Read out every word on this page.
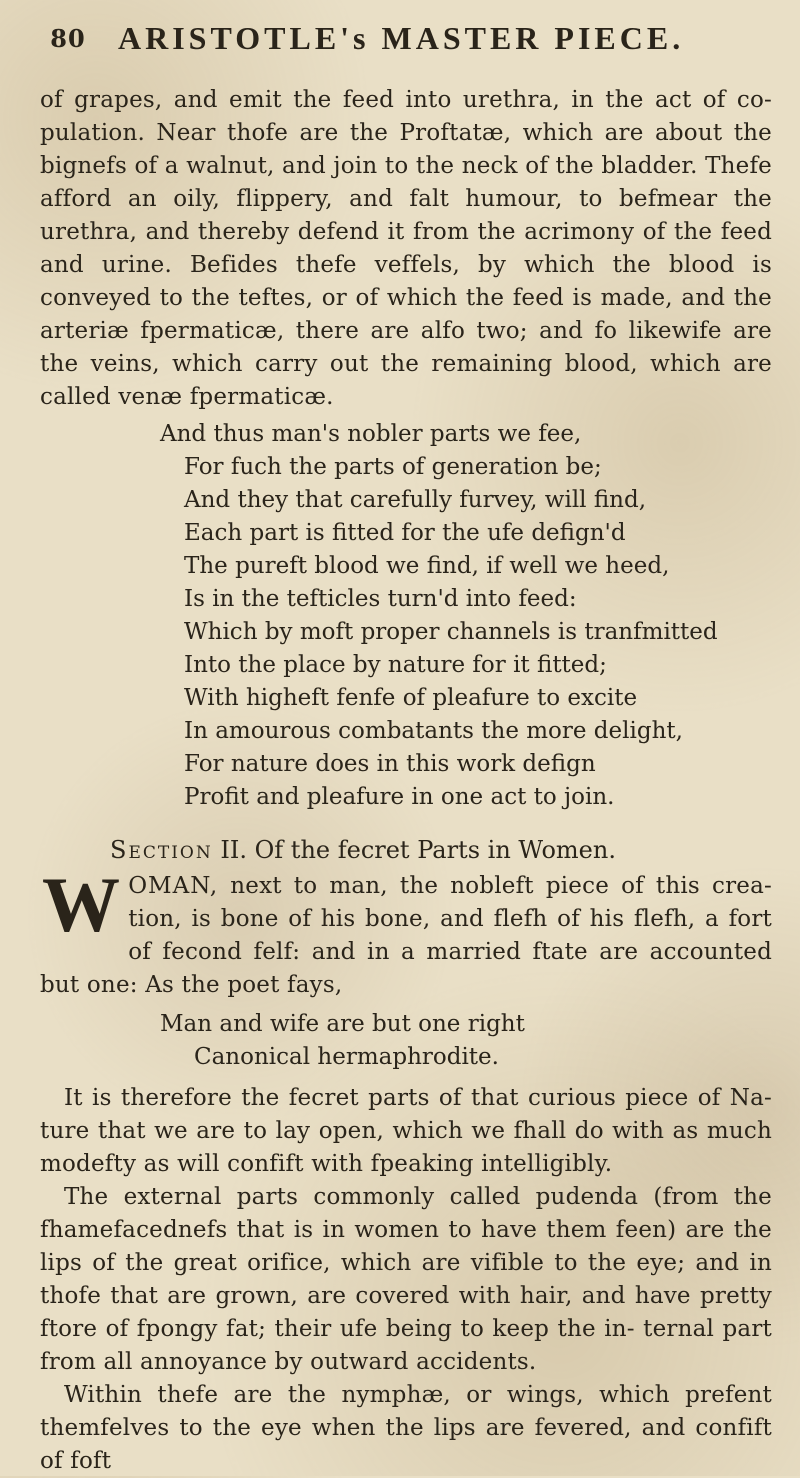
80	ARISTOTLE's MASTER PIECE.

of grapes, and emit the feed into urethra, in the act of co- pulation. Near thofe are the Proftatæ, which are about the bignefs of a walnut, and join to the neck of the bladder. Thefe afford an oily, flippery, and falt humour, to befmear the urethra, and thereby defend it from the acrimony of the feed and urine. Befides thefe veffels, by which the blood is conveyed to the teftes, or of which the feed is made, and the arteriæ fpermaticæ, there are alfo two; and fo likewife are the veins, which carry out the remaining blood, which are called venæ fpermaticæ.

And thus man's nobler parts we fee,
For fuch the parts of generation be;
And they that carefully furvey, will find,
Each part is fitted for the ufe defign'd
The pureft blood we find, if well we heed,
Is in the tefticles turn'd into feed:
Which by moft proper channels is tranfmitted
Into the place by nature for it fitted;
With higheft fenfe of pleafure to excite
In amourous combatants the more delight,
For nature does in this work defign
Profit and pleafure in one act to join.
Section II. Of the fecret Parts in Women.

WOMAN, next to man, the nobleft piece of this crea- tion, is bone of his bone, and flefh of his flefh, a fort of fecond felf: and in a married ftate are accounted but one: As the poet fays,

Man and wife are but one right
Canonical hermaphrodite.

It is therefore the fecret parts of that curious piece of Na- ture that we are to lay open, which we fhall do with as much modefty as will confift with fpeaking intelligibly.

The external parts commonly called pudenda (from the fhamefacednefs that is in women to have them feen) are the lips of the great orifice, which are vifible to the eye; and in thofe that are grown, are covered with hair, and have pretty ftore of fpongy fat; their ufe being to keep the in- ternal part from all annoyance by outward accidents.

Within thefe are the nymphæ, or wings, which prefent themfelves to the eye when the lips are fevered, and confift of foft
